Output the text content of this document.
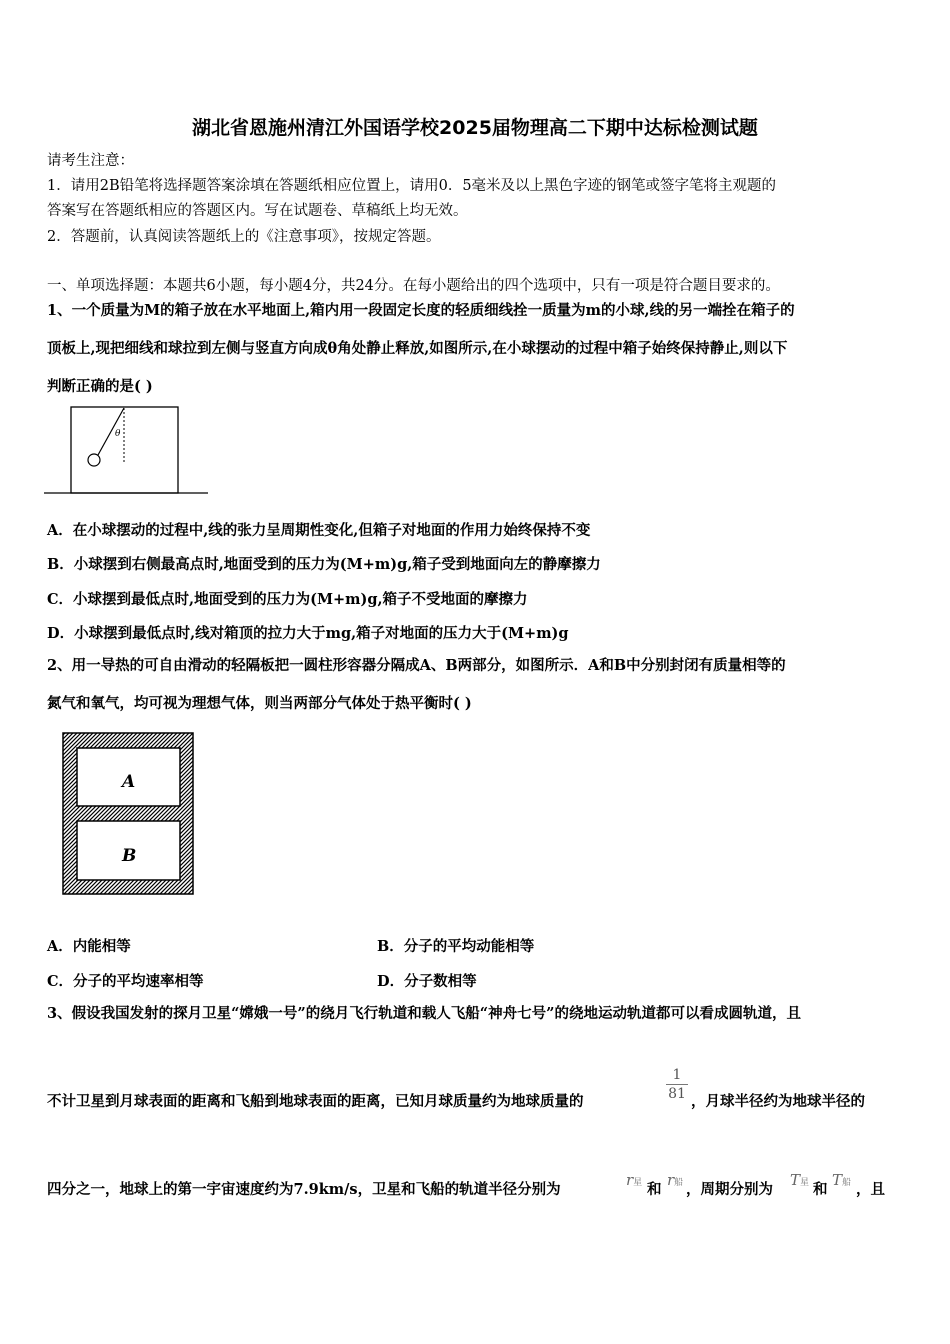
湖北省恩施州清江外国语学校2025届物理高二下期中达标检测试题
请考生注意：
1．请用2B铅笔将选择题答案涂填在答题纸相应位置上，请用0．5毫米及以上黑色字迹的钢笔或签字笔将主观题的
答案写在答题纸相应的答题区内。写在试题卷、草稿纸上均无效。
2．答题前，认真阅读答题纸上的《注意事项》，按规定答题。
一、单项选择题：本题共6小题，每小题4分，共24分。在每小题给出的四个选项中，只有一项是符合题目要求的。
1、一个质量为M的箱子放在水平地面上,箱内用一段固定长度的轻质细线拴一质量为m的小球,线的另一端拴在箱子的
顶板上,现把细线和球拉到左侧与竖直方向成θ角处静止释放,如图所示,在小球摆动的过程中箱子始终保持静止,则以下
判断正确的是( )
θ
A．在小球摆动的过程中,线的张力呈周期性变化,但箱子对地面的作用力始终保持不变
B．小球摆到右侧最高点时,地面受到的压力为(M+m)g,箱子受到地面向左的静摩擦力
C．小球摆到最低点时,地面受到的压力为(M+m)g,箱子不受地面的摩擦力
D．小球摆到最低点时,线对箱顶的拉力大于mg,箱子对地面的压力大于(M+m)g
2、用一导热的可自由滑动的轻隔板把一圆柱形容器分隔成A、B两部分，如图所示．A和B中分别封闭有质量相等的
氮气和氧气，均可视为理想气体，则当两部分气体处于热平衡时( )
A
B
A．内能相等	B．分子的平均动能相等
C．分子的平均速率相等	D．分子数相等
3、假设我国发射的探月卫星“嫦娥一号”的绕月飞行轨道和载人飞船“神舟七号”的绕地运动轨道都可以看成圆轨道，且
不计卫星到月球表面的距离和飞船到地球表面的距离，已知月球质量约为地球质量的
1
81 ，月球半径约为地球半径的
四分之一，地球上的第一宇宙速度约为7.9km/s，卫星和飞船的轨道半径分别为
r星 和
r船 ，周期分别为
T星 和
T船 ，且
